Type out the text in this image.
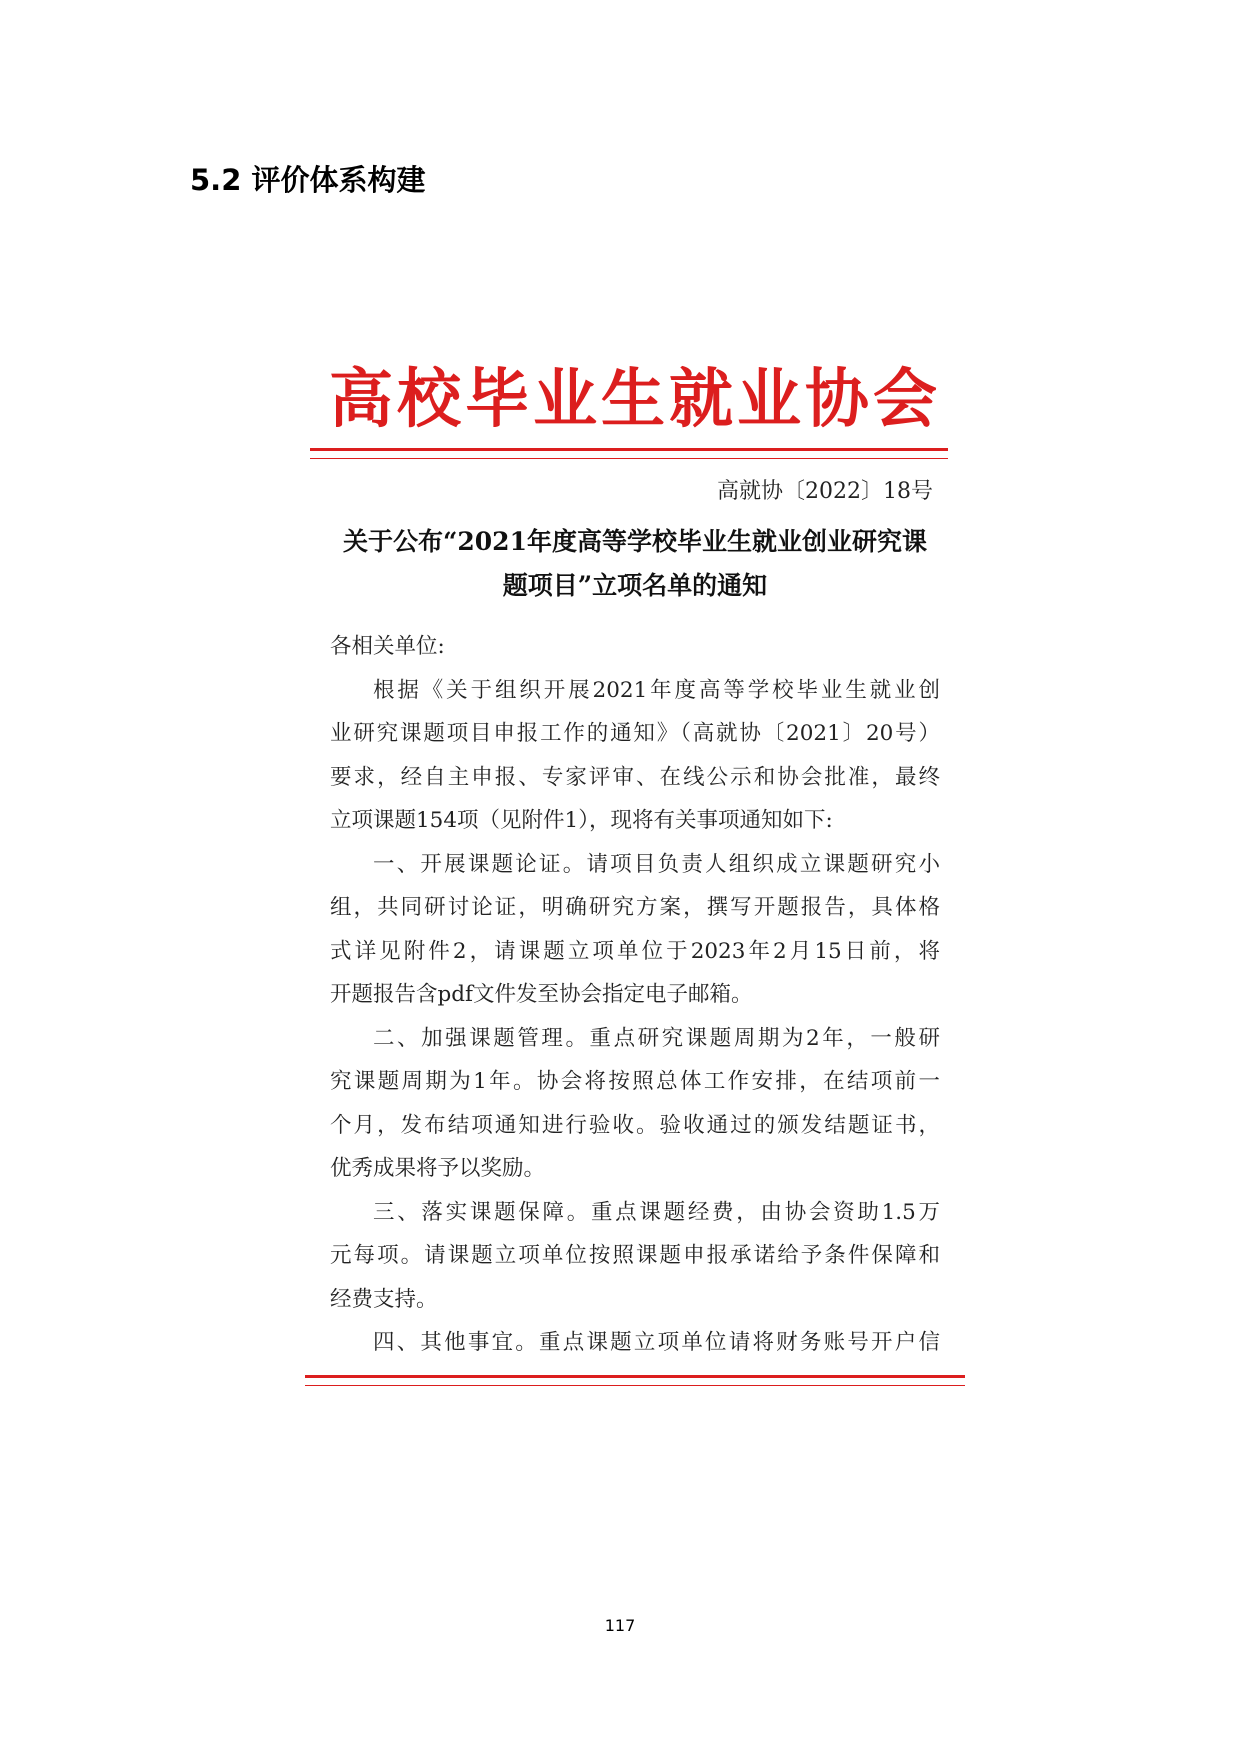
5.2 评价体系构建
高校毕业生就业协会
高就协〔2022〕18号
关于公布“2021年度高等学校毕业生就业创业研究课
题项目”立项名单的通知
各相关单位:
根据《关于组织开展2021年度高等学校毕业生就业创
业研究课题项目申报工作的通知》（高就协〔2021〕20号）
要求，经自主申报、专家评审、在线公示和协会批准，最终
立项课题154项（见附件1），现将有关事项通知如下:
一、开展课题论证。请项目负责人组织成立课题研究小
组，共同研讨论证，明确研究方案，撰写开题报告，具体格
式详见附件2，请课题立项单位于2023年2月15日前，将
开题报告含pdf文件发至协会指定电子邮箱。
二、加强课题管理。重点研究课题周期为2年，一般研
究课题周期为1年。协会将按照总体工作安排，在结项前一
个月，发布结项通知进行验收。验收通过的颁发结题证书，
优秀成果将予以奖励。
三、落实课题保障。重点课题经费，由协会资助1.5万
元每项。请课题立项单位按照课题申报承诺给予条件保障和
经费支持。
四、其他事宜。重点课题立项单位请将财务账号开户信
117
